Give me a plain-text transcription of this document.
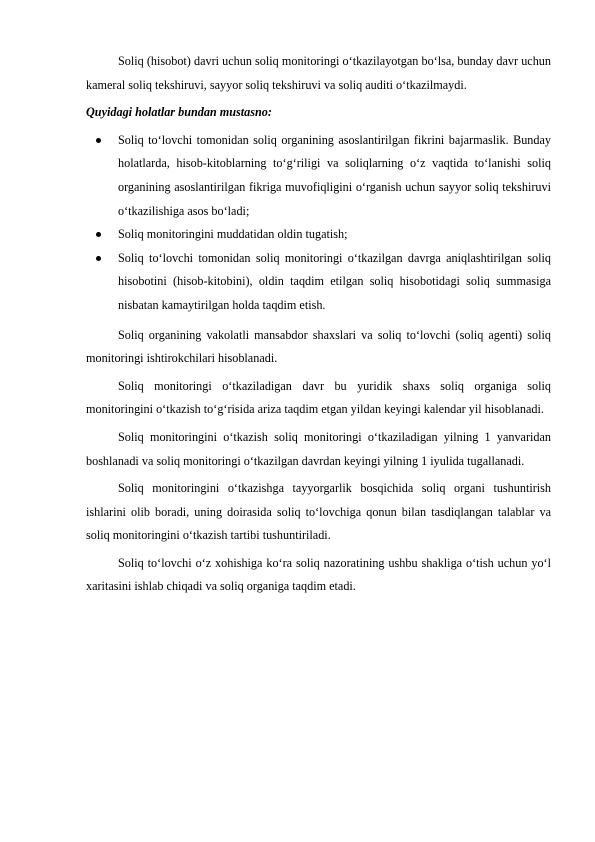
Soliq (hisobot) davri uchun soliq monitoringi o‘tkazilayotgan bo‘lsa, bunday davr uchun kameral soliq tekshiruvi, sayyor soliq tekshiruvi va soliq auditi o‘tkazilmaydi.

Quyidagi holatlar bundan mustasno:

Soliq to‘lovchi tomonidan soliq organining asoslantirilgan fikrini bajarmaslik. Bunday holatlarda, hisob-kitoblarning to‘g‘riligi va soliqlarning o‘z vaqtida to‘lanishi soliq organining asoslantirilgan fikriga muvofiqligini o‘rganish uchun sayyor soliq tekshiruvi o‘tkazilishiga asos bo‘ladi;
Soliq monitoringini muddatidan oldin tugatish;
Soliq to‘lovchi tomonidan soliq monitoringi o‘tkazilgan davrga aniqlashtirilgan soliq hisobotini (hisob-kitobini), oldin taqdim etilgan soliq hisobotidagi soliq summasiga nisbatan kamaytirilgan holda taqdim etish.

Soliq organining vakolatli mansabdor shaxslari va soliq to‘lovchi (soliq agenti) soliq monitoringi ishtirokchilari hisoblanadi.

Soliq monitoringi o‘tkaziladigan davr bu yuridik shaxs soliq organiga soliq monitoringini o‘tkazish to‘g‘risida ariza taqdim etgan yildan keyingi kalendar yil hisoblanadi.

Soliq monitoringini o‘tkazish soliq monitoringi o‘tkaziladigan yilning 1 yanvaridan boshlanadi va soliq monitoringi o‘tkazilgan davrdan keyingi yilning 1 iyulida tugallanadi.

Soliq monitoringini o‘tkazishga tayyorgarlik bosqichida soliq organi tushuntirish ishlarini olib boradi, uning doirasida soliq to‘lovchiga qonun bilan tasdiqlangan talablar va soliq monitoringini o‘tkazish tartibi tushuntiriladi.

Soliq to‘lovchi o‘z xohishiga ko‘ra soliq nazoratining ushbu shakliga o‘tish uchun yo‘l xaritasini ishlab chiqadi va soliq organiga taqdim etadi.
